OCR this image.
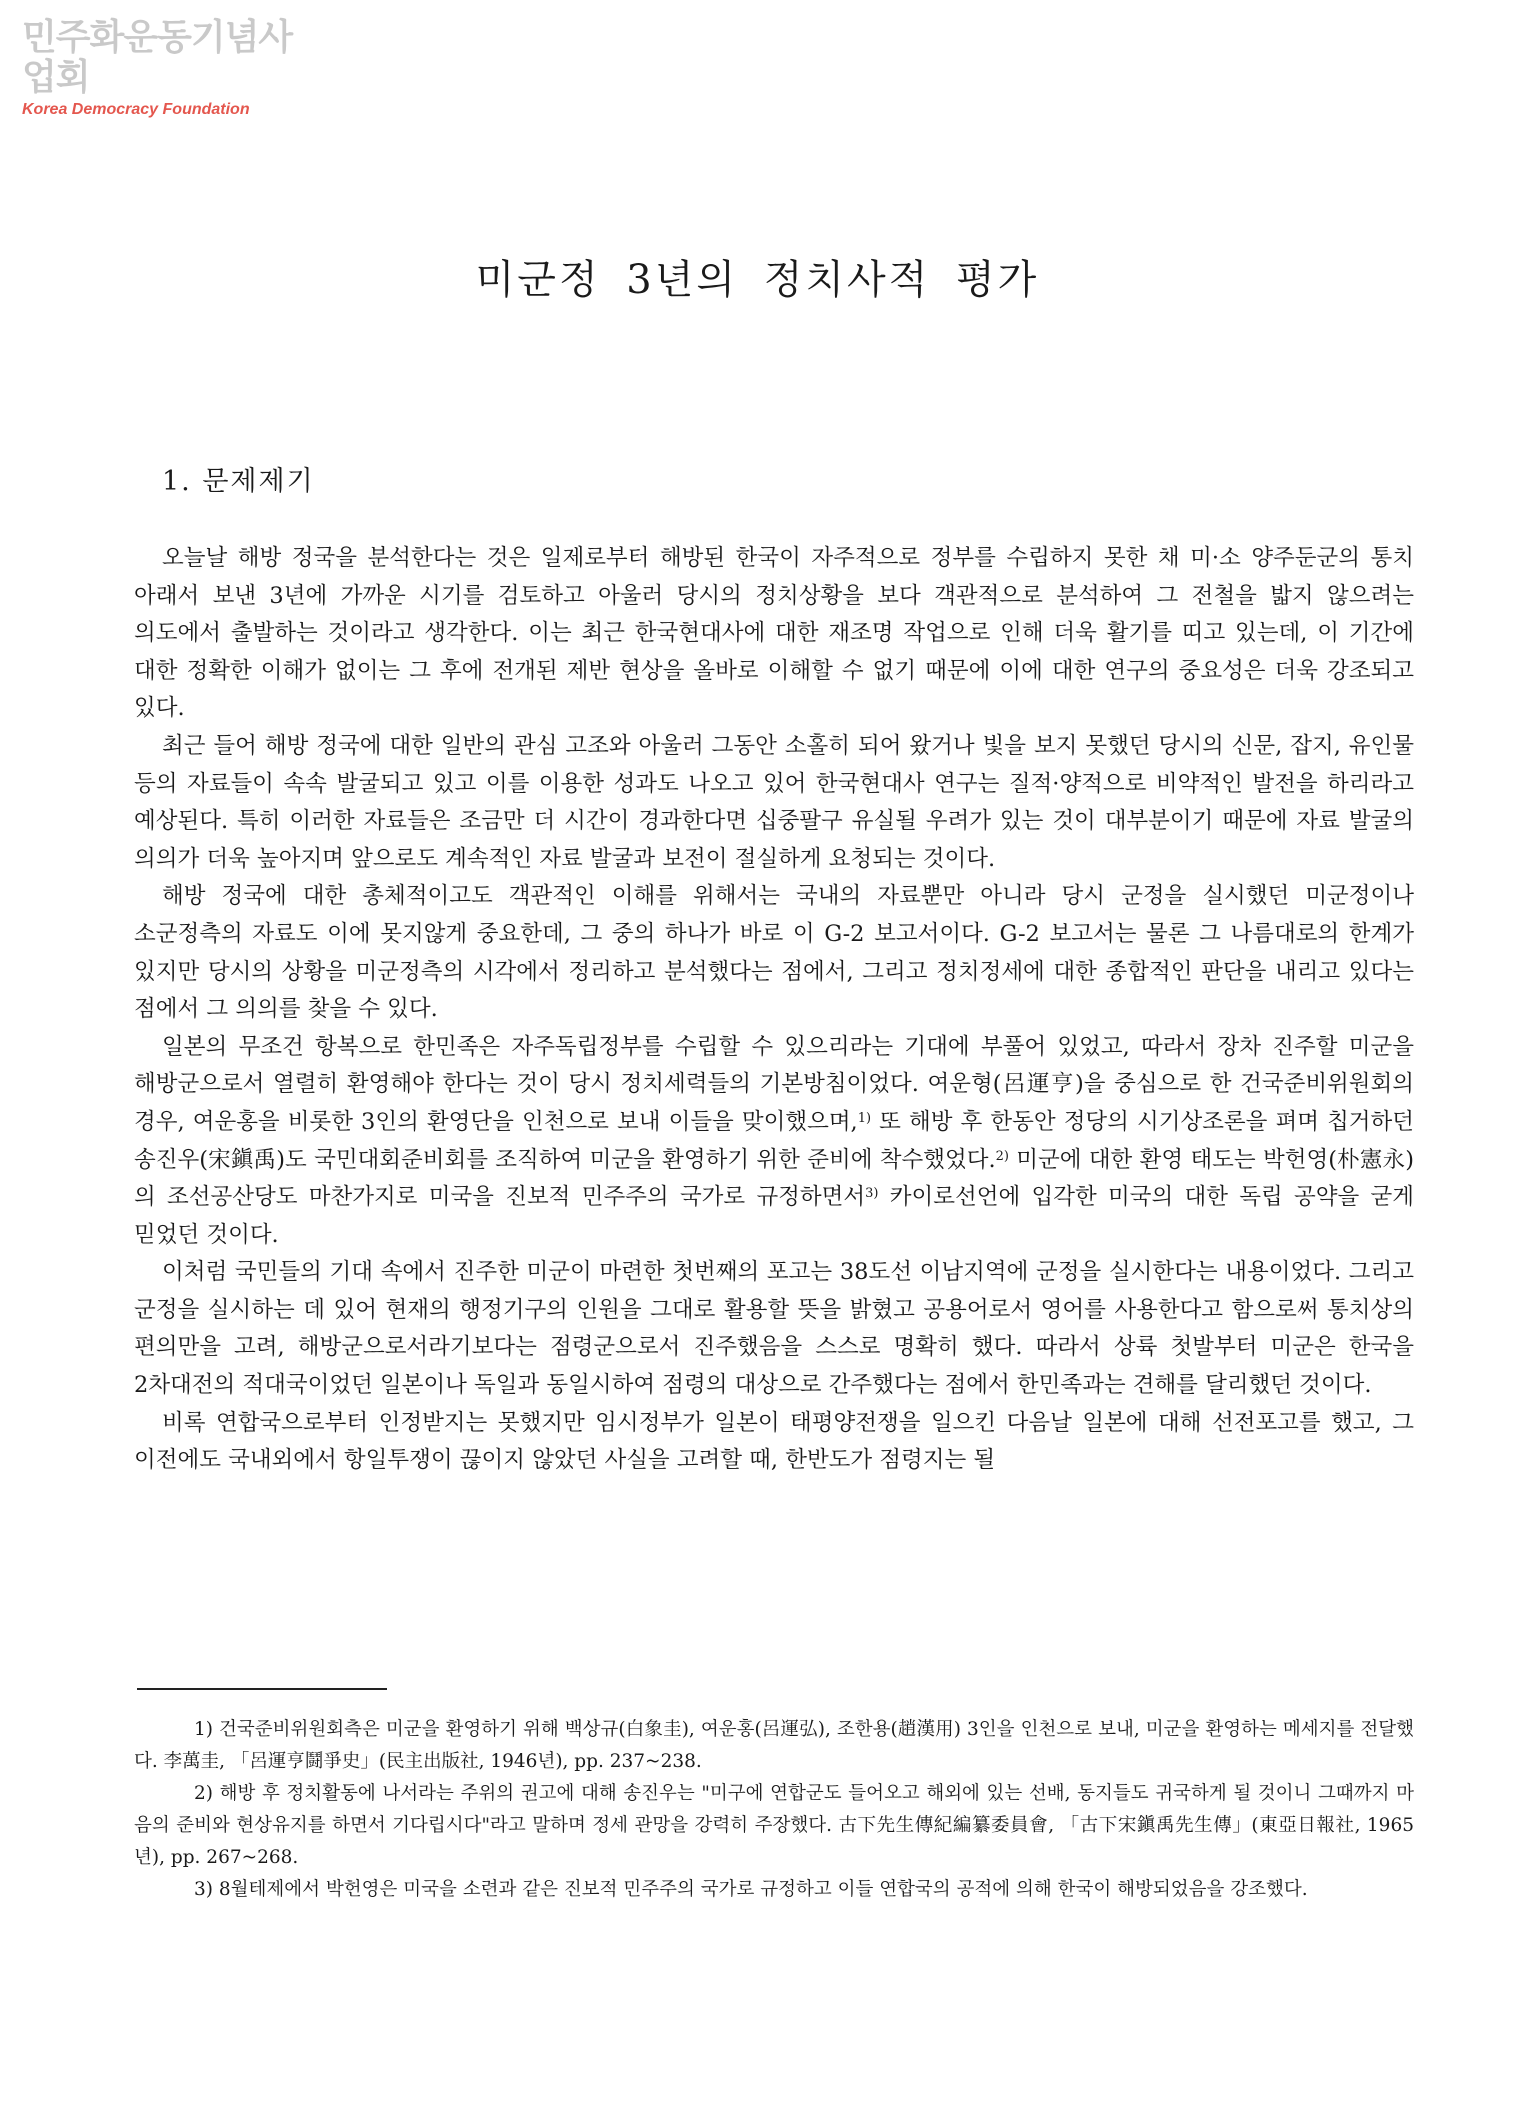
민주화운동기념사업회
Korea Democracy Foundation
미군정 3년의 정치사적 평가
1. 문제제기

오늘날 해방 정국을 분석한다는 것은 일제로부터 해방된 한국이 자주적으로 정부를 수립하지 못한 채 미·소 양주둔군의 통치 아래서 보낸 3년에 가까운 시기를 검토하고 아울러 당시의 정치상황을 보다 객관적으로 분석하여 그 전철을 밟지 않으려는 의도에서 출발하는 것이라고 생각한다. 이는 최근 한국현대사에 대한 재조명 작업으로 인해 더욱 활기를 띠고 있는데, 이 기간에 대한 정확한 이해가 없이는 그 후에 전개된 제반 현상을 올바로 이해할 수 없기 때문에 이에 대한 연구의 중요성은 더욱 강조되고 있다.

최근 들어 해방 정국에 대한 일반의 관심 고조와 아울러 그동안 소홀히 되어 왔거나 빛을 보지 못했던 당시의 신문, 잡지, 유인물 등의 자료들이 속속 발굴되고 있고 이를 이용한 성과도 나오고 있어 한국현대사 연구는 질적·양적으로 비약적인 발전을 하리라고 예상된다. 특히 이러한 자료들은 조금만 더 시간이 경과한다면 십중팔구 유실될 우려가 있는 것이 대부분이기 때문에 자료 발굴의 의의가 더욱 높아지며 앞으로도 계속적인 자료 발굴과 보전이 절실하게 요청되는 것이다.

해방 정국에 대한 총체적이고도 객관적인 이해를 위해서는 국내의 자료뿐만 아니라 당시 군정을 실시했던 미군정이나 소군정측의 자료도 이에 못지않게 중요한데, 그 중의 하나가 바로 이 G-2 보고서이다. G-2 보고서는 물론 그 나름대로의 한계가 있지만 당시의 상황을 미군정측의 시각에서 정리하고 분석했다는 점에서, 그리고 정치정세에 대한 종합적인 판단을 내리고 있다는 점에서 그 의의를 찾을 수 있다.

일본의 무조건 항복으로 한민족은 자주독립정부를 수립할 수 있으리라는 기대에 부풀어 있었고, 따라서 장차 진주할 미군을 해방군으로서 열렬히 환영해야 한다는 것이 당시 정치세력들의 기본방침이었다. 여운형(呂運亨)을 중심으로 한 건국준비위원회의 경우, 여운홍을 비롯한 3인의 환영단을 인천으로 보내 이들을 맞이했으며,$^{1)}$ 또 해방 후 한동안 정당의 시기상조론을 펴며 칩거하던 송진우(宋鎭禹)도 국민대회준비회를 조직하여 미군을 환영하기 위한 준비에 착수했었다.$^{2)}$ 미군에 대한 환영 태도는 박헌영(朴憲永)의 조선공산당도 마찬가지로 미국을 진보적 민주주의 국가로 규정하면서$^{3)}$ 카이로선언에 입각한 미국의 대한 독립 공약을 굳게 믿었던 것이다.

이처럼 국민들의 기대 속에서 진주한 미군이 마련한 첫번째의 포고는 38도선 이남지역에 군정을 실시한다는 내용이었다. 그리고 군정을 실시하는 데 있어 현재의 행정기구의 인원을 그대로 활용할 뜻을 밝혔고 공용어로서 영어를 사용한다고 함으로써 통치상의 편의만을 고려, 해방군으로서라기보다는 점령군으로서 진주했음을 스스로 명확히 했다. 따라서 상륙 첫발부터 미군은 한국을 2차대전의 적대국이었던 일본이나 독일과 동일시하여 점령의 대상으로 간주했다는 점에서 한민족과는 견해를 달리했던 것이다.

비록 연합국으로부터 인정받지는 못했지만 임시정부가 일본이 태평양전쟁을 일으킨 다음날 일본에 대해 선전포고를 했고, 그 이전에도 국내외에서 항일투쟁이 끊이지 않았던 사실을 고려할 때, 한반도가 점령지는 될

1) 건국준비위원회측은 미군을 환영하기 위해 백상규(白象圭), 여운홍(呂運弘), 조한용(趙漢用) 3인을 인천으로 보내, 미군을 환영하는 메세지를 전달했다. 李萬圭, 「呂運亨鬪爭史」(民主出版社, 1946년), pp. 237~238.

2) 해방 후 정치활동에 나서라는 주위의 권고에 대해 송진우는 "미구에 연합군도 들어오고 해외에 있는 선배, 동지들도 귀국하게 될 것이니 그때까지 마음의 준비와 현상유지를 하면서 기다립시다"라고 말하며 정세 관망을 강력히 주장했다. 古下先生傳紀編纂委員會, 「古下宋鎭禹先生傳」(東亞日報社, 1965년), pp. 267~268.

3) 8월테제에서 박헌영은 미국을 소련과 같은 진보적 민주주의 국가로 규정하고 이들 연합국의 공적에 의해 한국이 해방되었음을 강조했다.
